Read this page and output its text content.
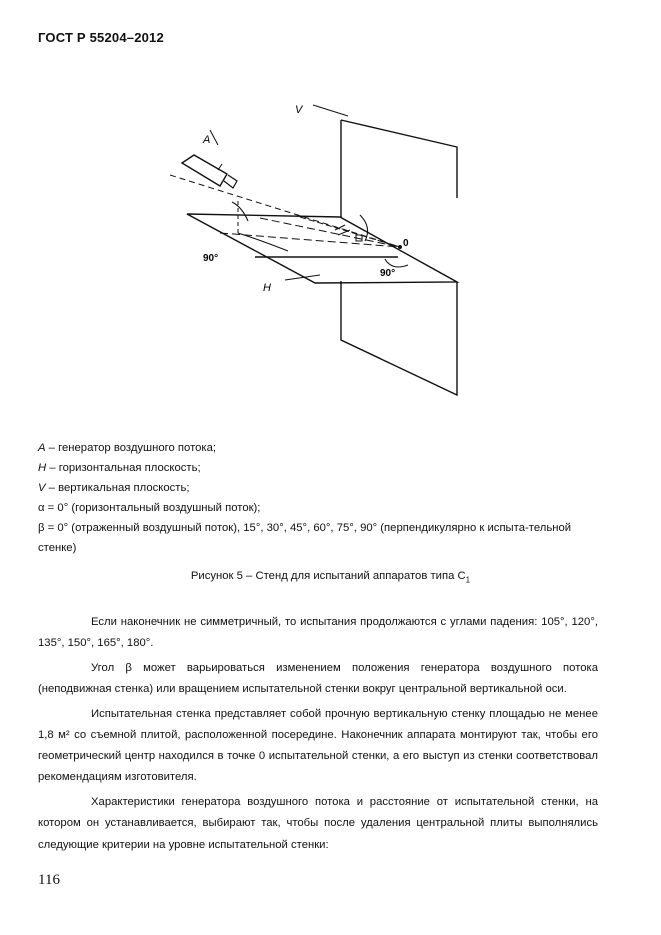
ГОСТ Р 55204–2012
V
A
H
0
90°
90°
A – генератор воздушного потока;
H – горизонтальная плоскость;
V – вертикальная плоскость;
α = 0° (горизонтальный воздушный поток);
β = 0° (отраженный воздушный поток), 15°, 30°, 45°, 60°, 75°, 90° (перпендикулярно к испыта-тельной стенке)
Рисунок 5 – Стенд для испытаний аппаратов типа $C_1$

Если наконечник не симметричный, то испытания продолжаются с углами падения: 105°, 120°, 135°, 150°, 165°, 180°.

Угол β может варьироваться изменением положения генератора воздушного потока (неподвижная стенка) или вращением испытательной стенки вокруг центральной вертикальной оси.

Испытательная стенка представляет собой прочную вертикальную стенку площадью не менее 1,8 м² со съемной плитой, расположенной посередине. Наконечник аппарата монтируют так, чтобы его геометрический центр находился в точке 0 испытательной стенки, а его выступ из стенки соответствовал рекомендациям изготовителя.

Характеристики генератора воздушного потока и расстояние от испытательной стенки, на котором он устанавливается, выбирают так, чтобы после удаления центральной плиты выполнялись следующие критерии на уровне испытательной стенки:

116
